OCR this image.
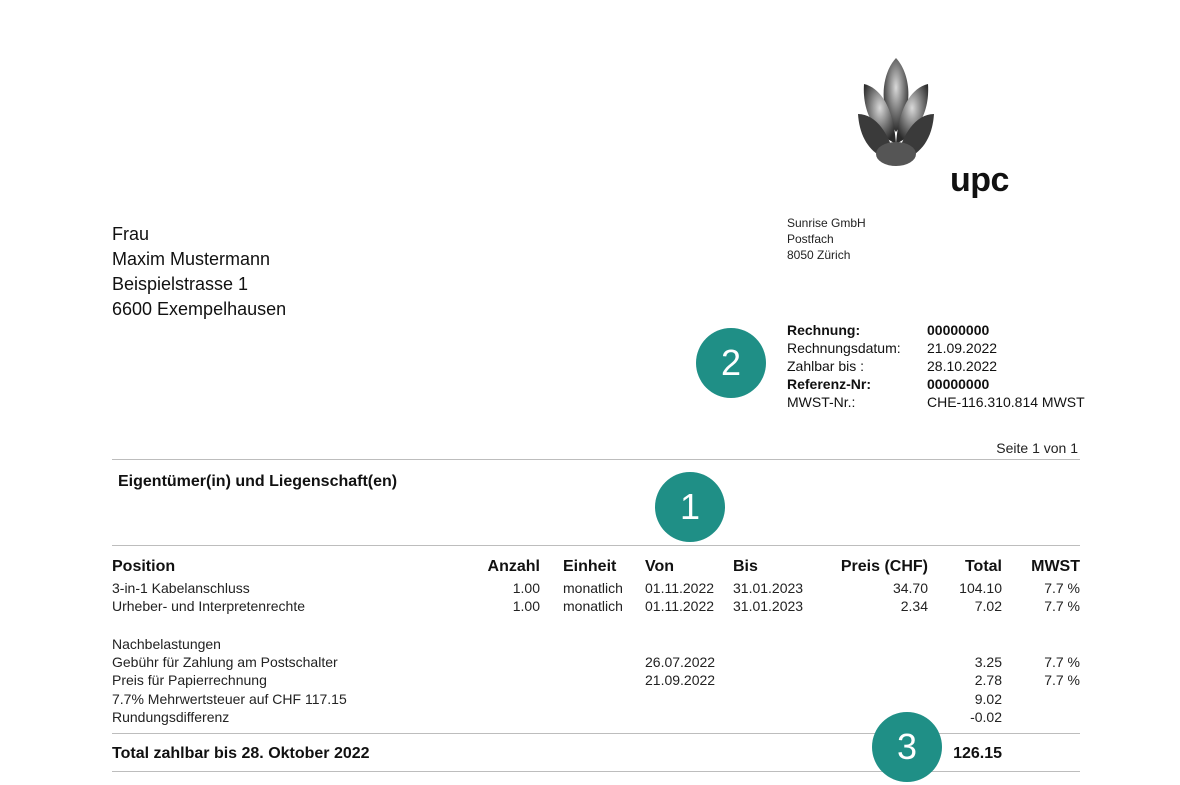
upc
Sunrise GmbH
Postfach
8050 Zürich
Frau
Maxim Mustermann
Beispielstrasse 1
6600 Exempelhausen
Rechnung:	00000000
Rechnungsdatum:	21.09.2022
Zahlbar bis :	28.10.2022
Referenz-Nr:	00000000
MWST-Nr.:	CHE-116.310.814 MWST
2
1
Seite 1 von 1
Eigentümer(in) und Liegenschaft(en)
Position	Anzahl Einheit Von	Bis	Preis (CHF)	Total	MWST
3-in-1 Kabelanschluss	1.00 monatlich 01.11.2022 31.01.2023	34.70	104.10	7.7 %
Urheber- und Interpretenrechte	1.00 monatlich 01.11.2022 31.01.2023	2.34	7.02	7.7 %
Nachbelastungen
Gebühr für Zahlung am Postschalter	26.07.2022	3.25	7.7 %
Preis für Papierrechnung	21.09.2022	2.78	7.7 %
7.7% Mehrwertsteuer auf CHF 117.15	9.02
Rundungsdifferenz	-0.02
Total zahlbar bis 28. Oktober 2022	126.15
3
